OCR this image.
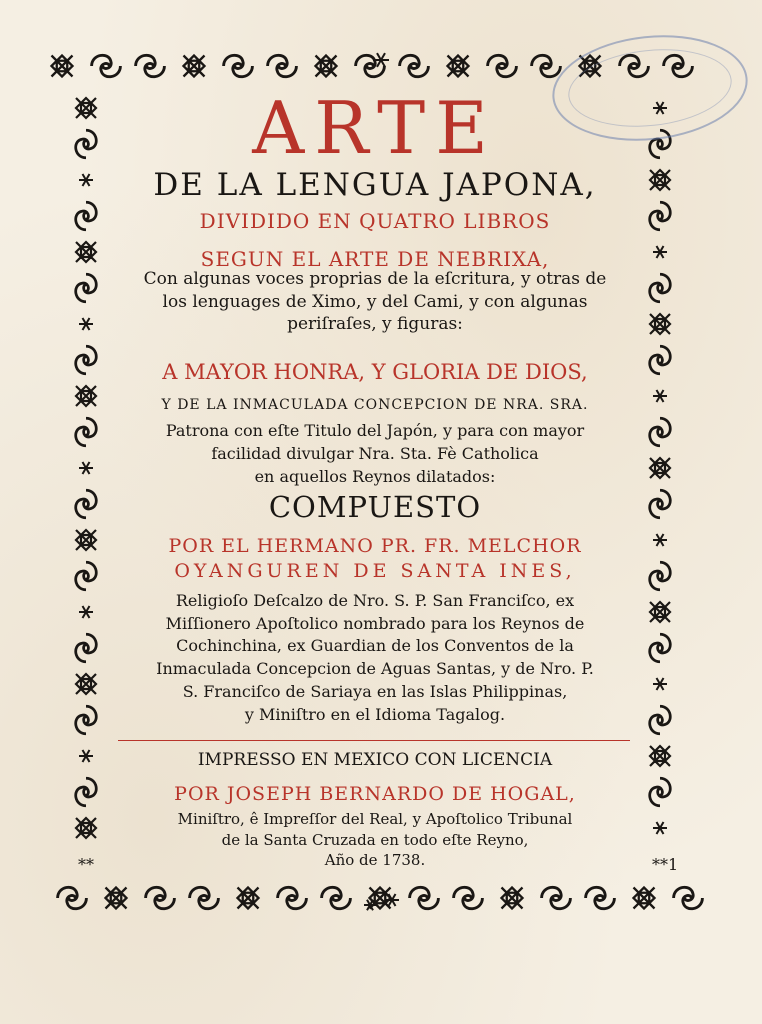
ARTE
DE LA LENGUA JAPONA,
DIVIDIDO EN QUATRO LIBROS
SEGUN EL ARTE DE NEBRIXA,
Con algunas voces proprias de la eſcritura, y otras de
los lenguages de Ximo, y del Cami, y con algunas
periſraſes, y figuras:
A MAYOR HONRA, Y GLORIA DE DIOS,
Y DE LA INMACULADA CONCEPCION DE NRA. SRA.
Patrona con eſte Titulo del Japón, y para con mayor
facilidad divulgar Nra. Sta. Fè Catholica
en aquellos Reynos dilatados:
COMPUESTO
POR EL HERMANO PR. FR. MELCHOR
OYANGUREN DE SANTA INES,
Religioſo Deſcalzo de Nro. S. P. San Franciſco, ex
Miſſionero Apoſtolico nombrado para los Reynos de
Cochinchina, ex Guardian de los Conventos de la
Inmaculada Concepcion de Aguas Santas, y de Nro. P.
S. Franciſco de Sariaya en las Islas Philippinas,
y Miniſtro en el Idioma Tagalog.
IMPRESSO EN MEXICO CON LICENCIA
POR JOSEPH BERNARDO DE HOGAL,
Miniſtro, ê Impreſſor del Real, y Apoſtolico Tribunal
de la Santa Cruzada en todo eſte Reyno,
Año de 1738.
**	**1
